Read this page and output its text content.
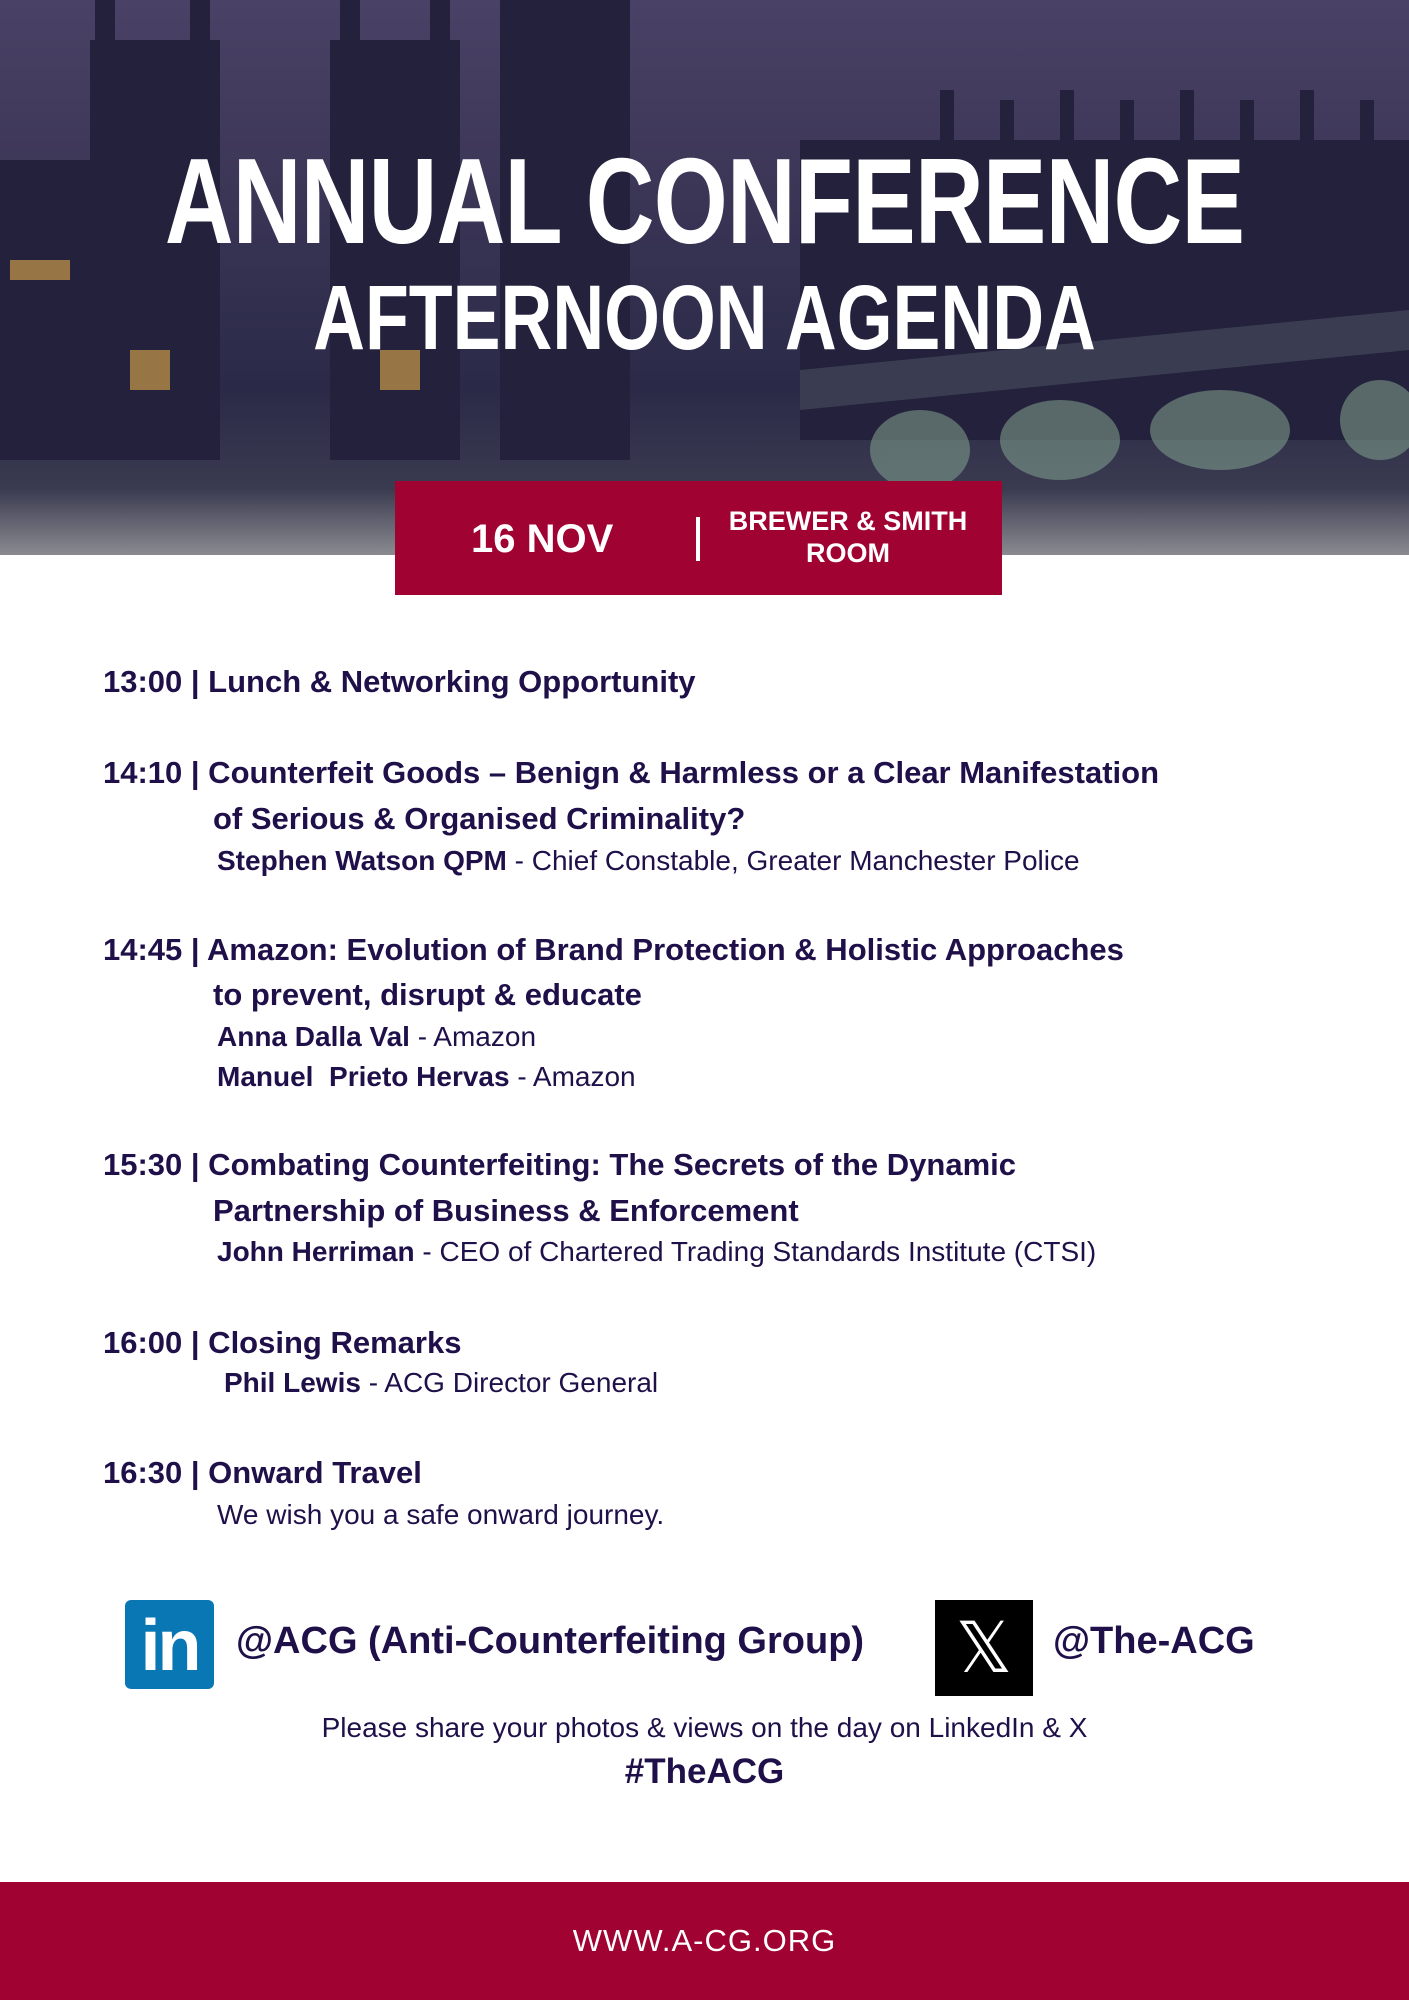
ANNUAL CONFERENCE
AFTERNOON AGENDA
16 NOV	BREWER & SMITH ROOM
13:00 | Lunch & Networking Opportunity
14:10 | Counterfeit Goods – Benign & Harmless or a Clear Manifestation
of Serious & Organised Criminality?
Stephen Watson QPM - Chief Constable, Greater Manchester Police
14:45 | Amazon: Evolution of Brand Protection & Holistic Approaches
to prevent, disrupt & educate
Anna Dalla Val - Amazon
Manuel  Prieto Hervas - Amazon
15:30 | Combating Counterfeiting: The Secrets of the Dynamic
Partnership of Business & Enforcement
John Herriman - CEO of Chartered Trading Standards Institute (CTSI)
16:00 | Closing Remarks
Phil Lewis - ACG Director General
16:30 | Onward Travel
We wish you a safe onward journey.
in @ACG (Anti-Counterfeiting Group) 𝕏	@The-ACG
Please share your photos & views on the day on LinkedIn & X
#TheACG
WWW.A-CG.ORG
